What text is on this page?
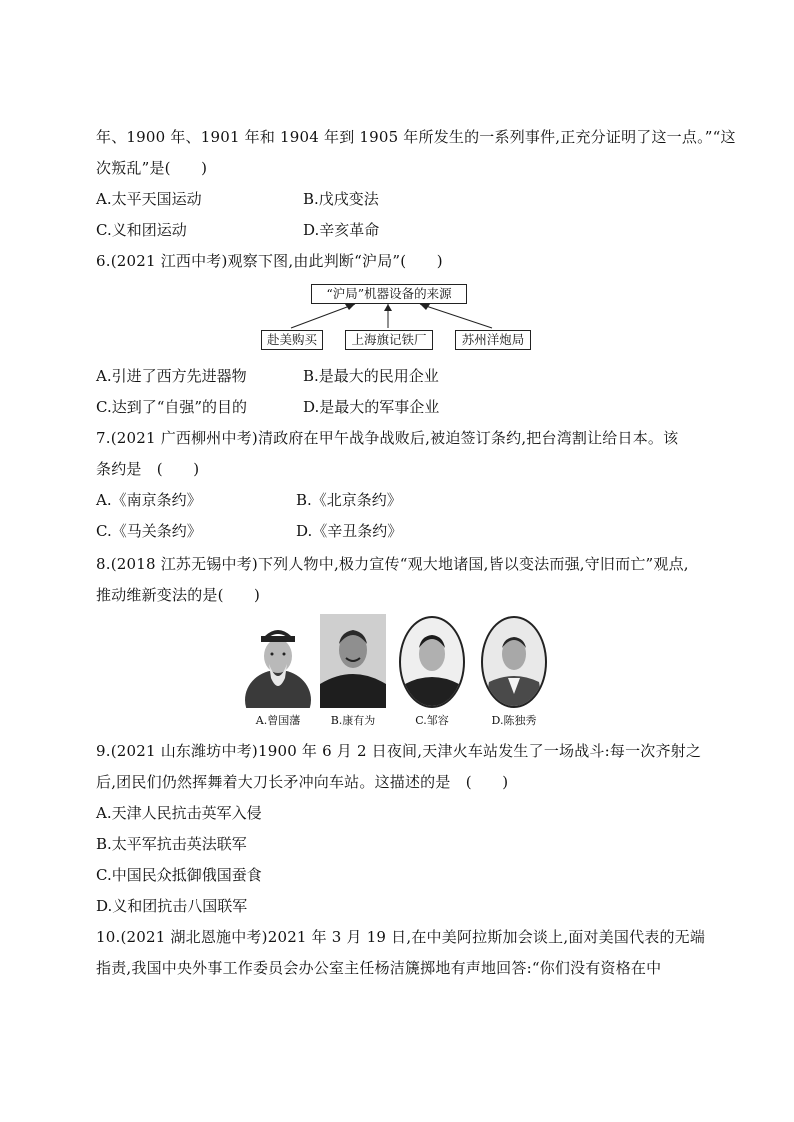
年、1900 年、1901 年和 1904 年到 1905 年所发生的一系列事件,正充分证明了这一点。”“这
次叛乱”是(　　)
A.太平天国运动	B.戊戌变法
C.义和团运动	D.辛亥革命
6.(2021 江西中考)观察下图,由此判断“沪局”(　　)
“沪局”机器设备的来源
赴美购买	上海旗记铁厂	苏州洋炮局
A.引进了西方先进器物	B.是最大的民用企业
C.达到了“自强”的目的	D.是最大的军事企业
7.(2021 广西柳州中考)清政府在甲午战争战败后,被迫签订条约,把台湾割让给日本。该
条约是　(　　)
A.《南京条约》	B.《北京条约》
C.《马关条约》	D.《辛丑条约》
8.(2018 江苏无锡中考)下列人物中,极力宣传“观大地诸国,皆以变法而强,守旧而亡”观点,
推动维新变法的是(　　)
A.曾国藩	B.康有为	C.邹容	D.陈独秀
9.(2021 山东潍坊中考)1900 年 6 月 2 日夜间,天津火车站发生了一场战斗:每一次齐射之
后,团民们仍然挥舞着大刀长矛冲向车站。这描述的是　(　　)
A.天津人民抗击英军入侵
B.太平军抗击英法联军
C.中国民众抵御俄国蚕食
D.义和团抗击八国联军
10.(2021 湖北恩施中考)2021 年 3 月 19 日,在中美阿拉斯加会谈上,面对美国代表的无端
指责,我国中央外事工作委员会办公室主任杨洁篪掷地有声地回答:“你们没有资格在中
